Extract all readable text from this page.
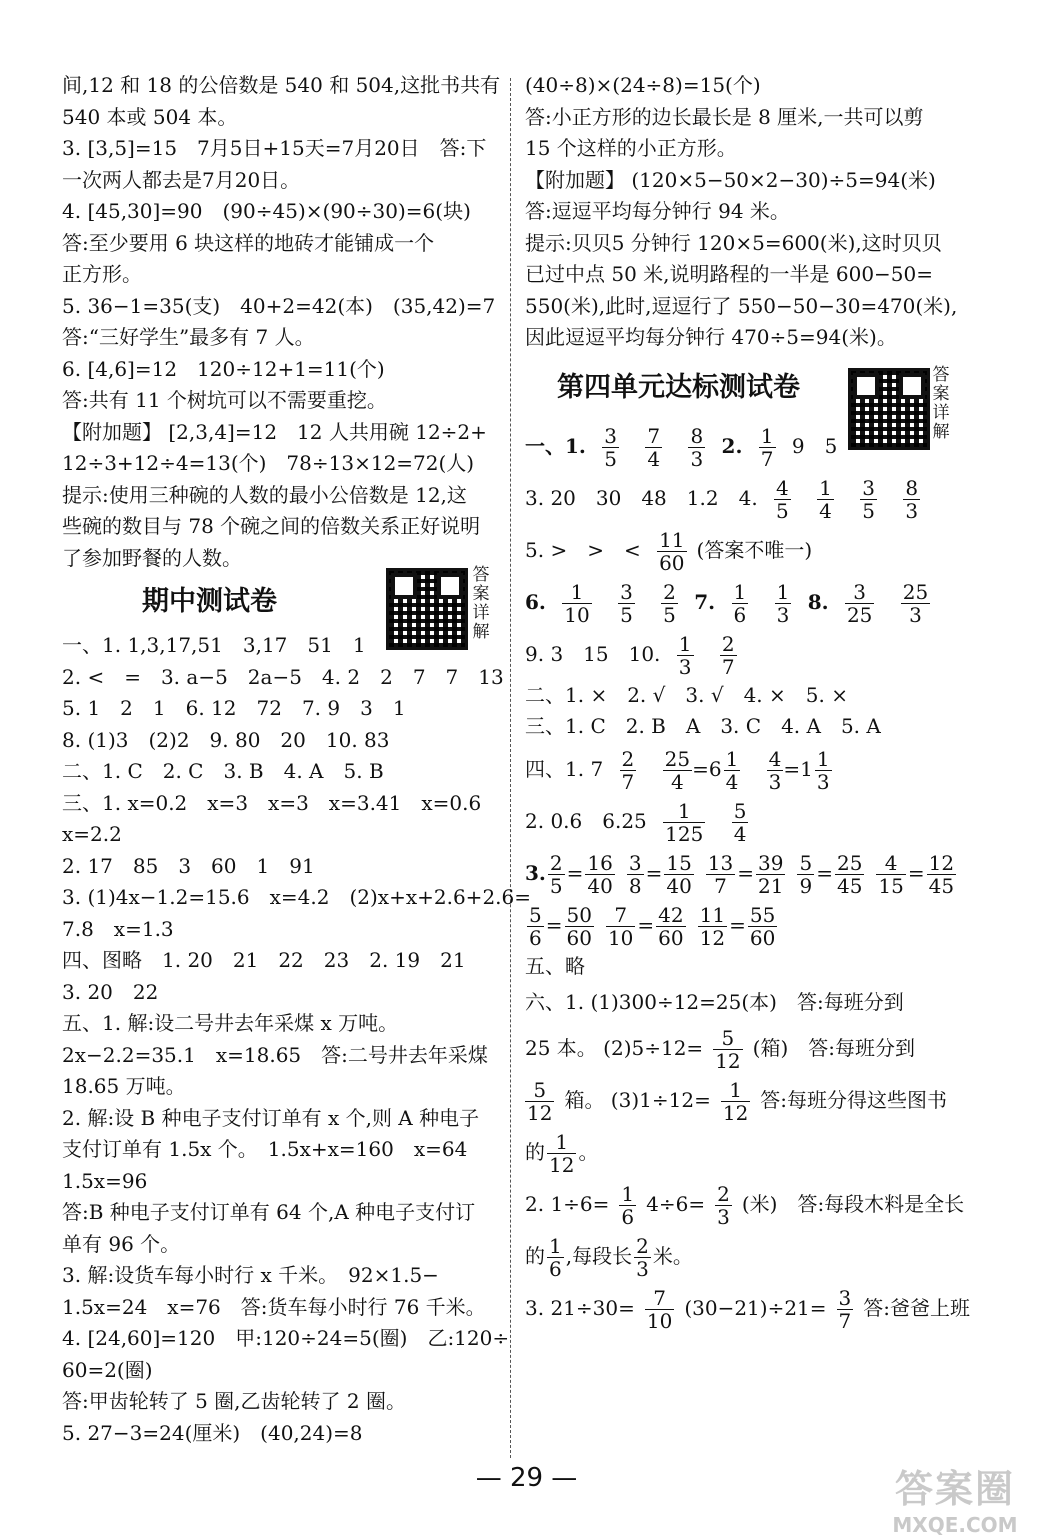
间,12 和 18 的公倍数是 540 和 504,这批书共有
540 本或 504 本。
3. [3,5]=15　7月5日+15天=7月20日　答:下
一次两人都去是7月20日。
4. [45,30]=90　(90÷45)×(90÷30)=6(块)
答:至少要用 6 块这样的地砖才能铺成一个
正方形。
5. 36−1=35(支)　40+2=42(本)　(35,42)=7
答:“三好学生”最多有 7 人。
6. [4,6]=12　120÷12+1=11(个)
答:共有 11 个树坑可以不需要重挖。
【附加题】 [2,3,4]=12　12 人共用碗 12÷2+
12÷3+12÷4=13(个)　78÷13×12=72(人)
提示:使用三种碗的人数的最小公倍数是 12,这
些碗的数目与 78 个碗之间的倍数关系正好说明
了参加野餐的人数。
期中测试卷
一、1. 1,3,17,51　3,17　51　1
2. <　=　3. a−5　2a−5　4. 2　2　7　7　13
5. 1　2　1　6. 12　72　7. 9　3　1
8. (1)3　(2)2　9. 80　20　10. 83
二、1. C　2. C　3. B　4. A　5. B
三、1. x=0.2　x=3　x=3　x=3.41　x=0.6
x=2.2
2. 17　85　3　60　1　91
3. (1)4x−1.2=15.6　x=4.2　(2)x+x+2.6+2.6=
7.8　x=1.3
四、图略　1. 20　21　22　23　2. 19　21
3. 20　22
五、1. 解:设二号井去年采煤 x 万吨。
2x−2.2=35.1　x=18.65　答:二号井去年采煤
18.65 万吨。
2. 解:设 B 种电子支付订单有 x 个,则 A 种电子
支付订单有 1.5x 个。　1.5x+x=160　x=64
1.5x=96
答:B 种电子支付订单有 64 个,A 种电子支付订
单有 96 个。
3. 解:设货车每小时行 x 千米。　92×1.5−
1.5x=24　x=76　答:货车每小时行 76 千米。
4. [24,60]=120　甲:120÷24=5(圈)　乙:120÷
60=2(圈)
答:甲齿轮转了 5 圈,乙齿轮转了 2 圈。
5. 27−3=24(厘米)　(40,24)=8
答案详解
(40÷8)×(24÷8)=15(个)
答:小正方形的边长最长是 8 厘米,一共可以剪
15 个这样的小正方形。
【附加题】 (120×5−50×2−30)÷5=94(米)
答:逗逗平均每分钟行 94 米。
提示:贝贝5 分钟行 120×5=600(米),这时贝贝
已过中点 50 米,说明路程的一半是 600−50=
550(米),此时,逗逗行了 550−50−30=470(米),
因此逗逗平均每分钟行 470÷5=94(米)。
第四单元达标测试卷
一、1. $\frac{3}{5}$
$\frac{7}{4}$
$\frac{8}{3} 2$. $\frac{1}{7} 9$　5
3. 20　30　48　1.2　4. $\frac{4}{5}$
$\frac{1}{4}$
$\frac{3}{5}$
$\frac{8}{3}$
5. >　>　< $\frac{11}{60}$ (答案不唯一)
6. $\frac{1}{10}$
$\frac{3}{5}$
$\frac{2}{5} 7$. $\frac{1}{6}$
$\frac{1}{3} 8$. $\frac{3}{25}$
$\frac{25}{3}$
9. 3　15　10. $\frac{1}{3}$
$\frac{2}{7}$
二、1. ×　2. √　3. √　4. ×　5. ×
三、1. C　2. B　A　3. C　4. A　5. A
四、1. $7 \frac{2}{7}$
$\frac{25}{4} =6 \frac{1}{4}$
$\frac{4}{3} =1 \frac{1}{3}$
2. 0.6　$6.25 \frac{1}{125}$
$\frac{5}{4}$
3. $\frac{2}{5} = \frac{16}{40} \frac{3}{8} = \frac{15}{40} \frac{13}{7} = \frac{39}{21} \frac{5}{9} = \frac{25}{45} \frac{4}{15} = \frac{12}{45}$
$\frac{5}{6} = \frac{50}{60} \frac{7}{10} = \frac{42}{60} \frac{11}{12} = \frac{55}{60}$
五、略
六、1. (1)300÷12=25(本)　答:每班分到
25 本。 $(2)5\div 12= \frac{5}{12}$ (箱)　答:每班分到
$\frac{5}{12}$ 箱。 $(3)1\div 12= \frac{1}{12}$ 答:每班分得这些图书
的 $\frac{1}{12}$ 。
2. $1\div 6= \frac{1}{6} 4\div 6= \frac{2}{3}$ (米)　答:每段木料是全长
的 $\frac{1}{6}$ ,每段长 $\frac{2}{3}$ 米。
3. $21\div 30= \frac{7}{10} (30-21)\div 21= \frac{3}{7}$ 答:爸爸上班
答案详解
— 29 —	答案圈
MXQE.COM
